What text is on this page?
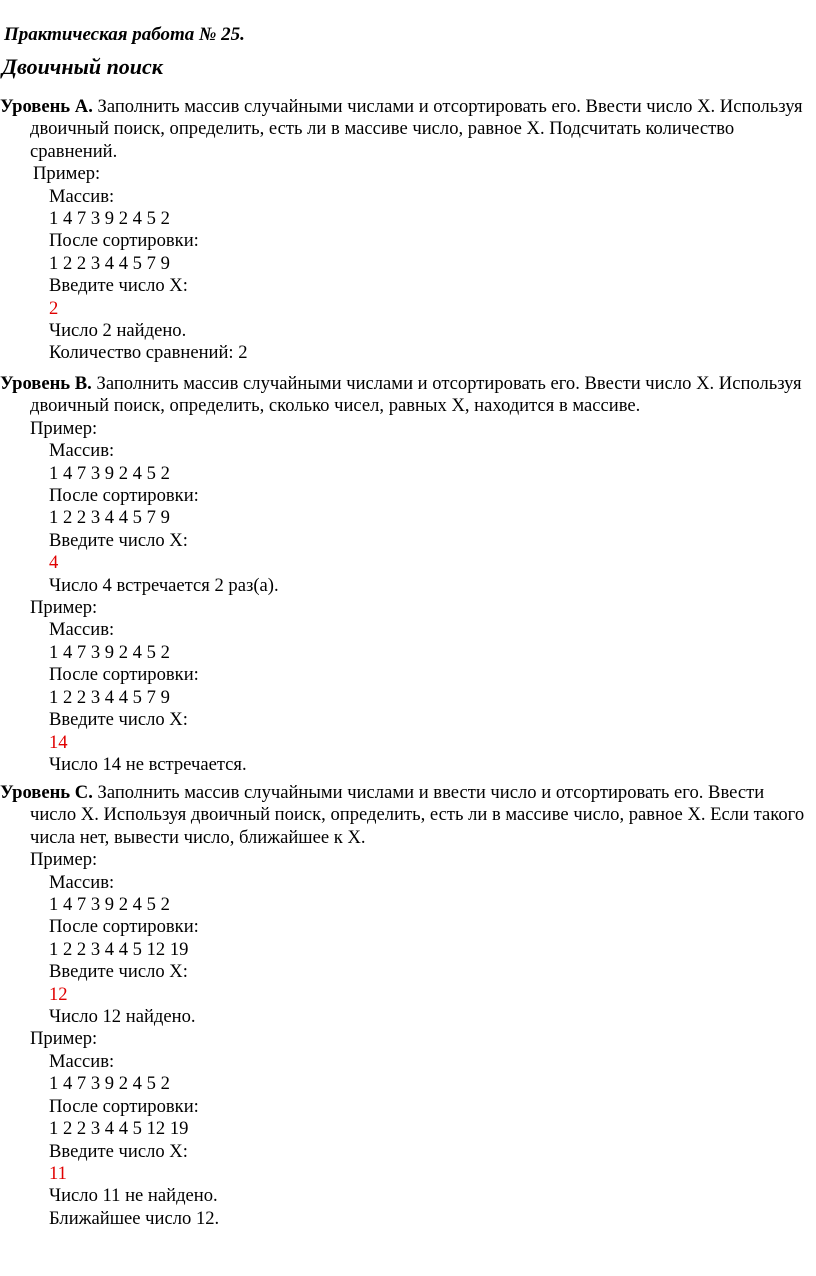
Практическая работа № 25.

Двоичный поиск

Уровень А. Заполнить массив случайными числами и отсортировать его. Ввести число Х. Используя двоичный поиск, определить, есть ли в массиве число, равное Х. Подсчитать количество сравнений.

Пример:

Массив:
1 4 7 3 9 2 4 5 2
После сортировки:
1 2 2 3 4 4 5 7 9
Введите число Х:
2
Число 2 найдено.
Количество сравнений: 2

Уровень B. Заполнить массив случайными числами и отсортировать его. Ввести число Х. Используя двоичный поиск, определить, сколько чисел, равных Х, находится в массиве.

Пример:

Массив:
1 4 7 3 9 2 4 5 2
После сортировки:
1 2 2 3 4 4 5 7 9
Введите число Х:
4
Число 4 встречается 2 раз(а).

Пример:

Массив:
1 4 7 3 9 2 4 5 2
После сортировки:
1 2 2 3 4 4 5 7 9
Введите число Х:
14
Число 14 не встречается.

Уровень C. Заполнить массив случайными числами и ввести число и отсортировать его. Ввести число Х. Используя двоичный поиск, определить, есть ли в массиве число, равное Х. Если такого числа нет, вывести число, ближайшее к Х.

Пример:

Массив:
1 4 7 3 9 2 4 5 2
После сортировки:
1 2 2 3 4 4 5 12 19
Введите число Х:
12
Число 12 найдено.

Пример:

Массив:
1 4 7 3 9 2 4 5 2
После сортировки:
1 2 2 3 4 4 5 12 19
Введите число Х:
11
Число 11 не найдено.
Ближайшее число 12.
